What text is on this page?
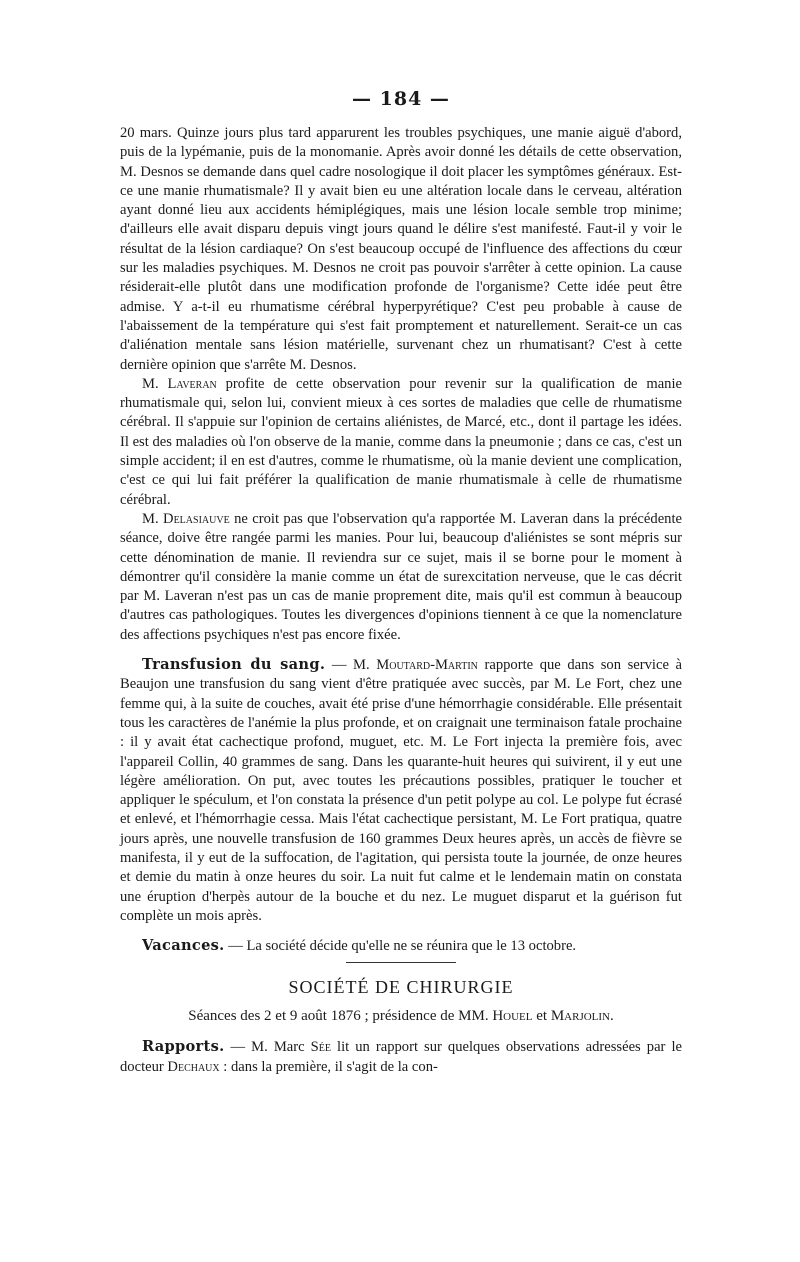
— 184 —

20 mars. Quinze jours plus tard apparurent les troubles psychiques, une manie aiguë d'abord, puis de la lypémanie, puis de la monomanie. Après avoir donné les détails de cette observation, M. Desnos se demande dans quel cadre nosologique il doit placer les symptômes généraux. Est-ce une manie rhumatismale? Il y avait bien eu une altération locale dans le cerveau, altération ayant donné lieu aux accidents hémiplégiques, mais une lésion locale semble trop minime; d'ailleurs elle avait disparu depuis vingt jours quand le délire s'est manifesté. Faut-il y voir le résultat de la lésion cardiaque? On s'est beaucoup occupé de l'influence des affections du cœur sur les maladies psychiques. M. Desnos ne croit pas pouvoir s'arrêter à cette opinion. La cause résiderait-elle plutôt dans une modification profonde de l'organisme? Cette idée peut être admise. Y a-t-il eu rhumatisme cérébral hyperpyrétique? C'est peu probable à cause de l'abaissement de la température qui s'est fait promptement et naturellement. Serait-ce un cas d'aliénation mentale sans lésion matérielle, survenant chez un rhumatisant? C'est à cette dernière opinion que s'arrête M. Desnos.

M. Laveran profite de cette observation pour revenir sur la qualification de manie rhumatismale qui, selon lui, convient mieux à ces sortes de maladies que celle de rhumatisme cérébral. Il s'appuie sur l'opinion de certains aliénistes, de Marcé, etc., dont il partage les idées. Il est des maladies où l'on observe de la manie, comme dans la pneumonie ; dans ce cas, c'est un simple accident; il en est d'autres, comme le rhumatisme, où la manie devient une complication, c'est ce qui lui fait préférer la qualification de manie rhumatismale à celle de rhumatisme cérébral.

M. Delasiauve ne croit pas que l'observation qu'a rapportée M. Laveran dans la précédente séance, doive être rangée parmi les manies. Pour lui, beaucoup d'aliénistes se sont mépris sur cette dénomination de manie. Il reviendra sur ce sujet, mais il se borne pour le moment à démontrer qu'il considère la manie comme un état de surexcitation nerveuse, que le cas décrit par M. Laveran n'est pas un cas de manie proprement dite, mais qu'il est commun à beaucoup d'autres cas pathologiques. Toutes les divergences d'opinions tiennent à ce que la nomenclature des affections psychiques n'est pas encore fixée.

Transfusion du sang. — M. Moutard-Martin rapporte que dans son service à Beaujon une transfusion du sang vient d'être pratiquée avec succès, par M. Le Fort, chez une femme qui, à la suite de couches, avait été prise d'une hémorrhagie considérable. Elle présentait tous les caractères de l'anémie la plus profonde, et on craignait une terminaison fatale prochaine : il y avait état cachectique profond, muguet, etc. M. Le Fort injecta la première fois, avec l'appareil Collin, 40 grammes de sang. Dans les quarante-huit heures qui suivirent, il y eut une légère amélioration. On put, avec toutes les précautions possibles, pratiquer le toucher et appliquer le spéculum, et l'on constata la présence d'un petit polype au col. Le polype fut écrasé et enlevé, et l'hémorrhagie cessa. Mais l'état cachectique persistant, M. Le Fort pratiqua, quatre jours après, une nouvelle transfusion de 160 grammes Deux heures après, un accès de fièvre se manifesta, il y eut de la suffocation, de l'agitation, qui persista toute la journée, de onze heures et demie du matin à onze heures du soir. La nuit fut calme et le lendemain matin on constata une éruption d'herpès autour de la bouche et du nez. Le muguet disparut et la guérison fut complète un mois après.

Vacances. — La société décide qu'elle ne se réunira que le 13 octobre.

SOCIÉTÉ DE CHIRURGIE
Séances des 2 et 9 août 1876 ; présidence de MM. Houel et Marjolin.

Rapports. — M. Marc Sée lit un rapport sur quelques observations adressées par le docteur Dechaux : dans la première, il s'agit de la con-
